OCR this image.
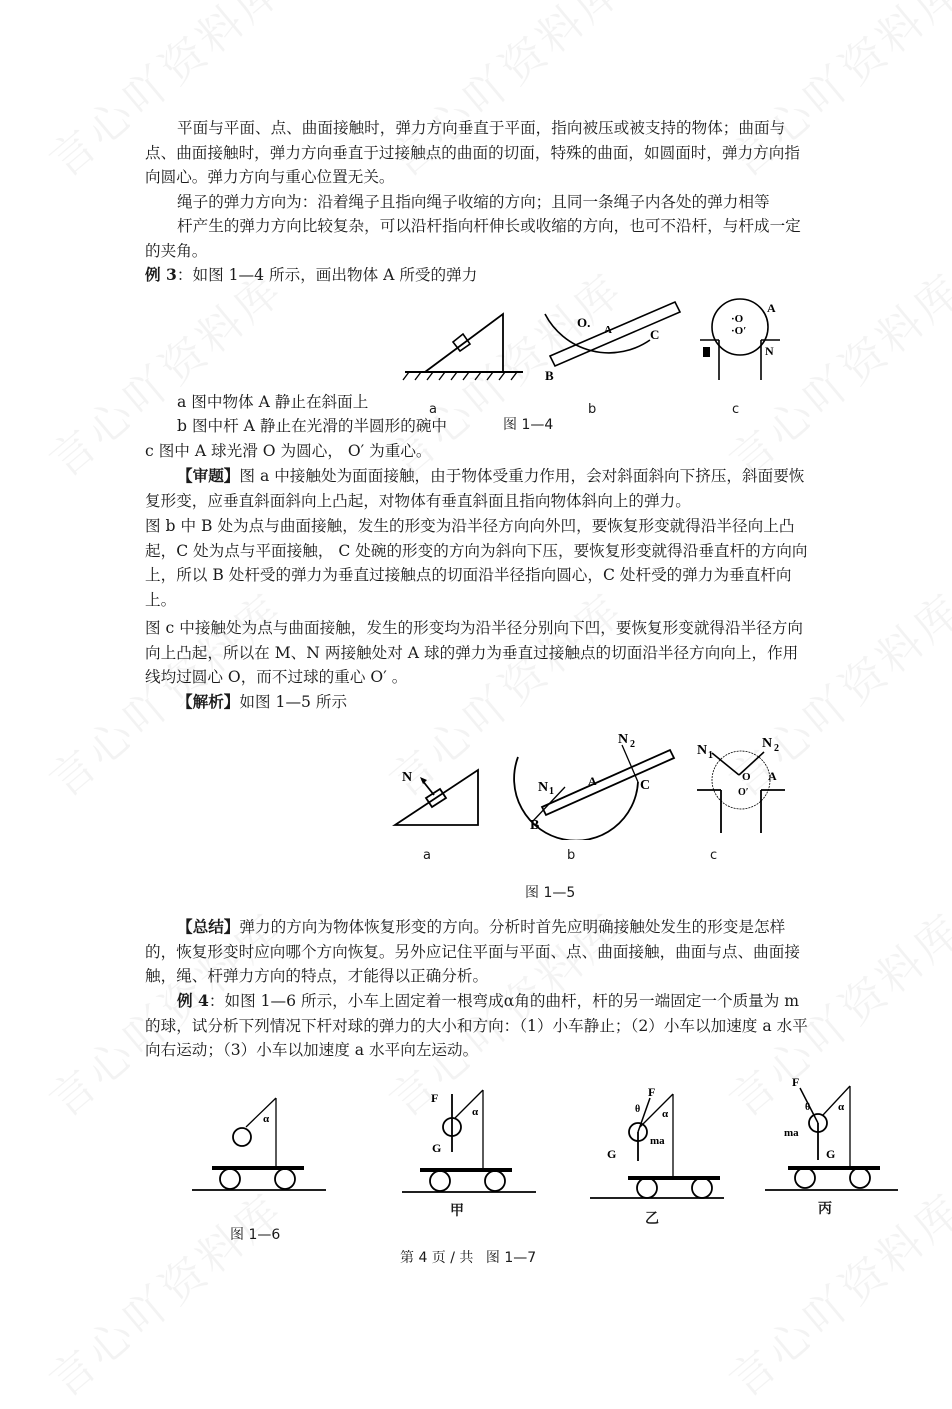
平面与平面、点、曲面接触时，弹力方向垂直于平面，指向被压或被支持的物体；曲面与点、曲面接触时，弹力方向垂直于过接触点的曲面的切面，特殊的曲面，如圆面时，弹力方向指向圆心。弹力方向与重心位置无关。
绳子的弹力方向为：沿着绳子且指向绳子收缩的方向；且同一条绳子内各处的弹力相等
杆产生的弹力方向比较复杂，可以沿杆指向杆伸长或收缩的方向，也可不沿杆，与杆成一定的夹角。
例 3：如图 1—4 所示，画出物体 A 所受的弹力
O. A	C
B
·O
·O′
A
N
a	b	c
图 1—4
a 图中物体 A 静止在斜面上
b 图中杆 A 静止在光滑的半圆形的碗中
c 图中 A 球光滑 O 为圆心， O′ 为重心。
【审题】图 a 中接触处为面面接触，由于物体受重力作用，会对斜面斜向下挤压，斜面要恢复形变，应垂直斜面斜向上凸起，对物体有垂直斜面且指向物体斜向上的弹力。
图 b 中 B 处为点与曲面接触，发生的形变为沿半径方向向外凹，要恢复形变就得沿半径向上凸起，C 处为点与平面接触， C 处碗的形变的方向为斜向下压，要恢复形变就得沿垂直杆的方向向上，所以 B 处杆受的弹力为垂直过接触点的切面沿半径指向圆心，C 处杆受的弹力为垂直杆向上。
图 c 中接触处为点与曲面接触，发生的形变均为沿半径分别向下凹，要恢复形变就得沿半径方向向上凸起，所以在 M、N 两接触处对 A 球的弹力为垂直过接触点的切面沿半径方向向上，作用线均过圆心 O，而不过球的重心 O′ 。
【解析】如图 1—5 所示
N
N 1
N 2
A	C
B
N 1
N 2
O
O′
A
a	b	c
图 1—5
【总结】弹力的方向为物体恢复形变的方向。分析时首先应明确接触处发生的形变是怎样的，恢复形变时应向哪个方向恢复。另外应记住平面与平面、点、曲面接触，曲面与点、曲面接触，绳、杆弹力方向的特点，才能得以正确分析。
例 4：如图 1—6 所示，小车上固定着一根弯成α角的曲杆，杆的另一端固定一个质量为 m 的球，试分析下列情况下杆对球的弹力的大小和方向：（1）小车静止；（2）小车以加速度 a 水平向右运动；（3）小车以加速度 a 水平向左运动。
α
F
G
α
F
θ α
ma
G
F
θ	α
ma
G
甲	乙
丙
图 1—6
第 4 页 / 共 图 1—7
